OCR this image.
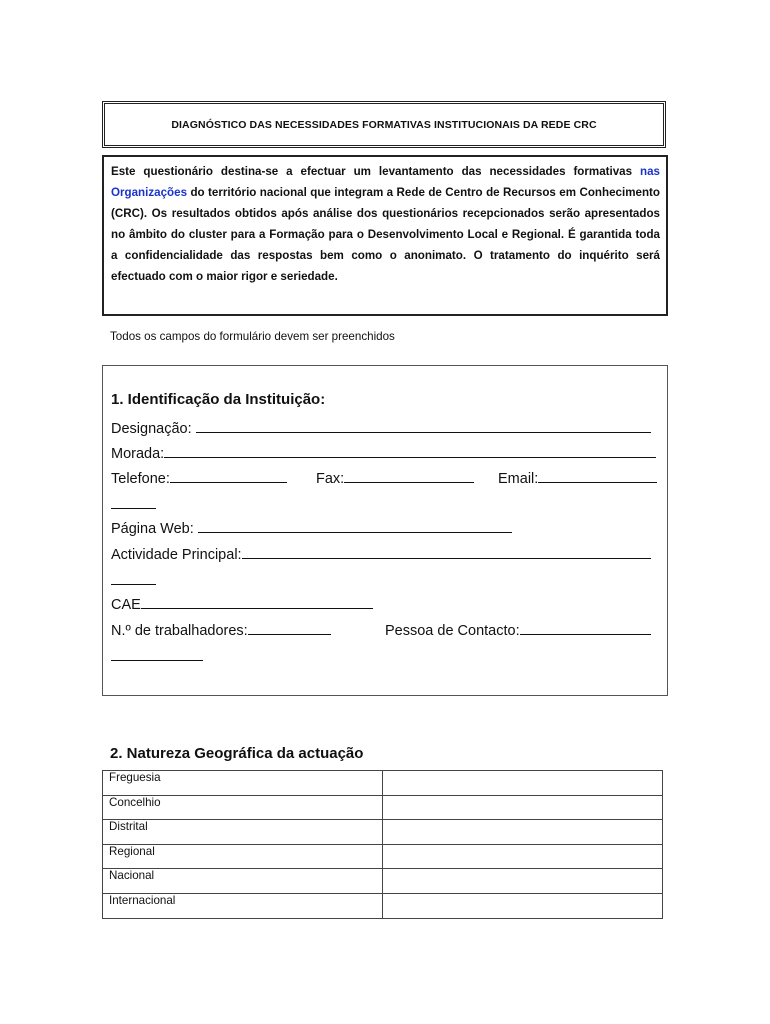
DIAGNÓSTICO DAS NECESSIDADES FORMATIVAS INSTITUCIONAIS DA REDE CRC

Este questionário destina-se a efectuar um levantamento das necessidades formativas nas Organizações do território nacional que integram a Rede de Centro de Recursos em Conhecimento (CRC). Os resultados obtidos após análise dos questionários recepcionados serão apresentados no âmbito do cluster para a Formação para o Desenvolvimento Local e Regional. É garantida toda a confidencialidade das respostas bem como o anonimato. O tratamento do inquérito será efectuado com o maior rigor e seriedade.

Todos os campos do formulário devem ser preenchidos
1. Identificação da Instituição:
Designação:
Morada:
Telefone:	Fax:	Email:
Página Web:
Actividade Principal:
CAE
N.º de trabalhadores:	Pessoa de Contacto:
2. Natureza Geográfica da actuação
Freguesia	
Concelhio	
Distrital	
Regional	
Nacional	
Internacional	
